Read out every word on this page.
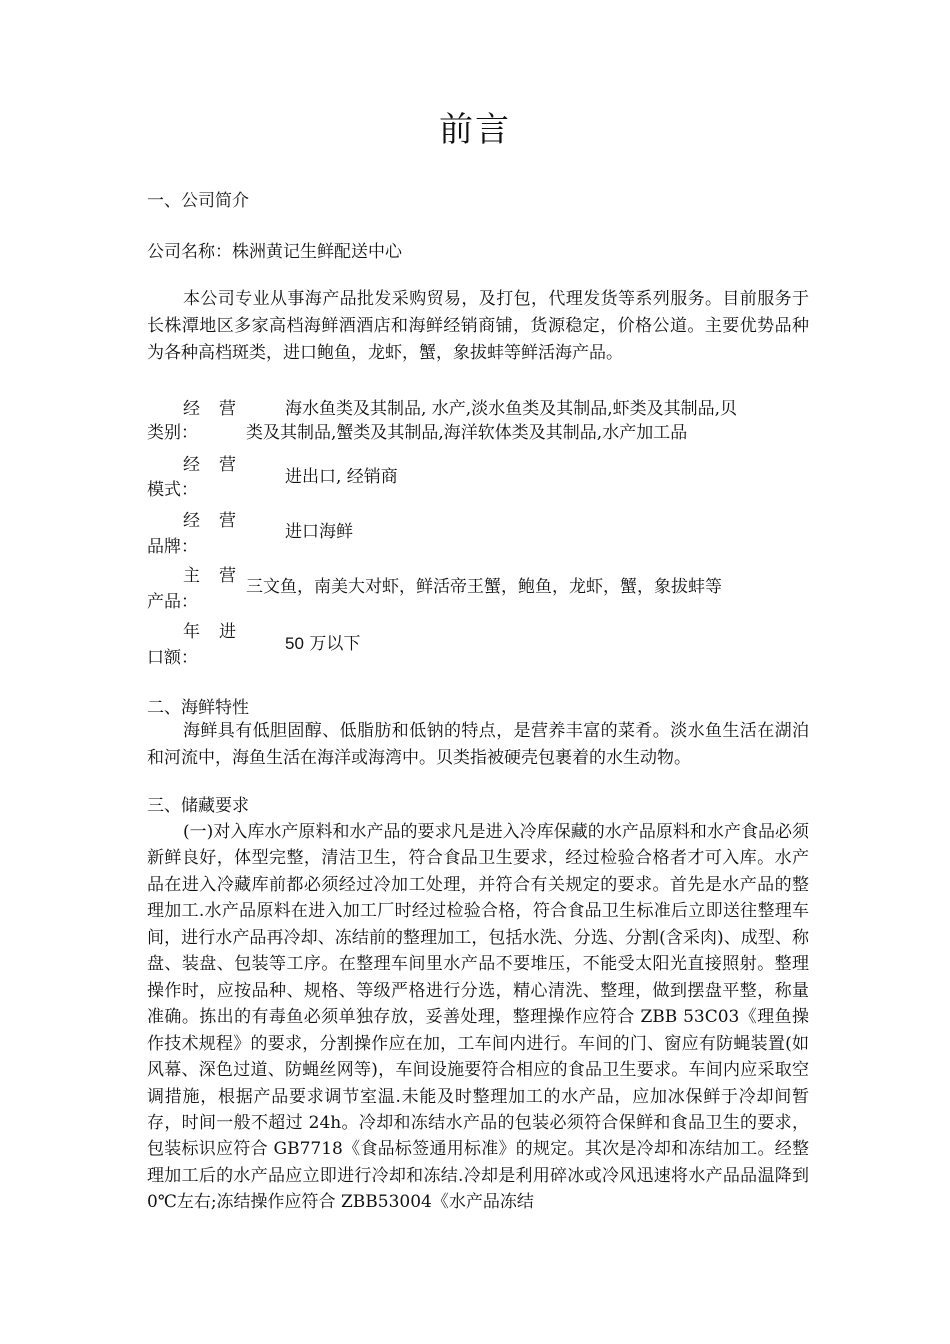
前言
一、公司简介
公司名称：株洲黄记生鲜配送中心
本公司专业从事海产品批发采购贸易，及打包，代理发货等系列服务。目前服务于长株潭地区多家高档海鲜酒酒店和海鲜经销商铺，货源稳定，价格公道。主要优势品种为各种高档斑类，进口鲍鱼，龙虾，蟹，象拔蚌等鲜活海产品。
经 营
类别：
海水鱼类及其制品, 水产,淡水鱼类及其制品,虾类及其制品,贝
类及其制品,蟹类及其制品,海洋软体类及其制品,水产加工品
经 营
模式：
进出口, 经销商
经 营
品牌：
进口海鲜
主 营
产品：
三文鱼，南美大对虾，鲜活帝王蟹，鲍鱼，龙虾，蟹，象拔蚌等
年 进
口额：
50 万以下
二、海鲜特性
海鲜具有低胆固醇、低脂肪和低钠的特点，是营养丰富的菜肴。淡水鱼生活在湖泊和河流中，海鱼生活在海洋或海湾中。贝类指被硬壳包裹着的水生动物。
三、储藏要求
(一)对入库水产原料和水产品的要求凡是进入冷库保藏的水产品原料和水产食品必须新鲜良好，体型完整，清洁卫生，符合食品卫生要求，经过检验合格者才可入库。水产品在进入冷藏库前都必须经过冷加工处理，并符合有关规定的要求。首先是水产品的整理加工.水产品原料在进入加工厂时经过检验合格，符合食品卫生标准后立即送往整理车间，进行水产品再冷却、冻结前的整理加工，包括水洗、分选、分割(含采肉)、成型、称盘、装盘、包装等工序。在整理车间里水产品不要堆压，不能受太阳光直接照射。整理操作时，应按品种、规格、等级严格进行分选，精心清洗、整理，做到摆盘平整，称量准确。拣出的有毒鱼必须单独存放，妥善处理，整理操作应符合 ZBB 53C03《理鱼操作技术规程》的要求，分割操作应在加，工车间内进行。车间的门、窗应有防蝇装置(如风幕、深色过道、防蝇丝网等)，车间设施要符合相应的食品卫生要求。车间内应采取空调措施，根据产品要求调节室温.未能及时整理加工的水产品，应加冰保鲜于冷却间暂存，时间一般不超过 24h。冷却和冻结水产品的包装必须符合保鲜和食品卫生的要求，包装标识应符合 GB7718《食品标签通用标准》的规定。其次是冷却和冻结加工。经整理加工后的水产品应立即进行冷却和冻结.冷却是利用碎冰或冷风迅速将水产品品温降到 0℃左右;冻结操作应符合 ZBB53004《水产品冻结
